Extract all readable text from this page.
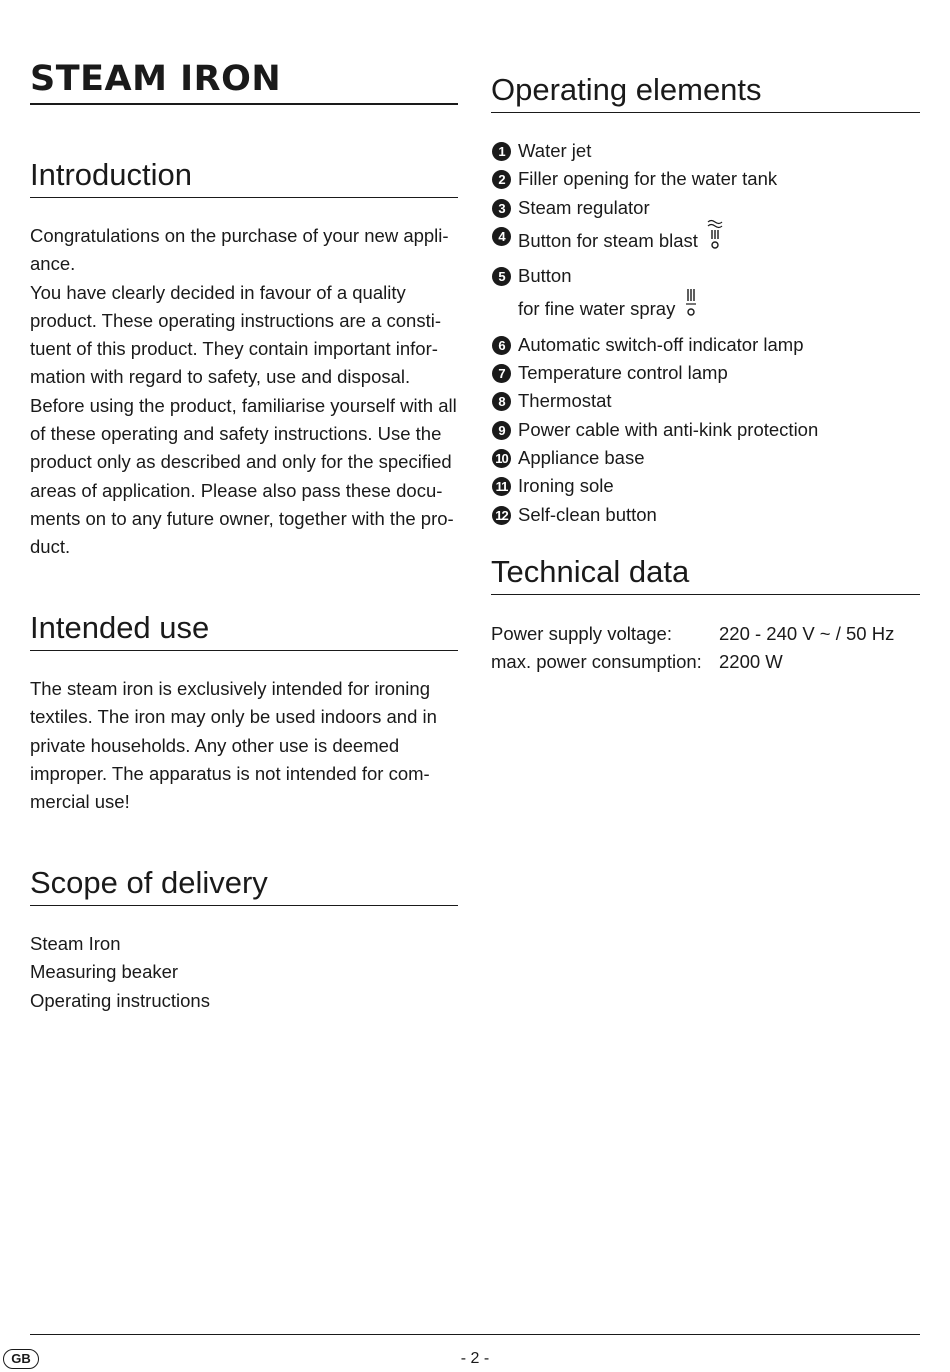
STEAM IRON
Introduction

Congratulations on the purchase of your new appli-

ance.

You have clearly decided in favour of a quality

product. These operating instructions are a consti-

tuent of this product. They contain important infor-

mation with regard to safety, use and disposal.

Before using the product, familiarise yourself with all

of these operating and safety instructions. Use the

product only as described and only for the specified

areas of application. Please also pass these docu-

ments on to any future owner, together with the pro-

duct.

Intended use

The steam iron is exclusively intended for ironing

textiles. The iron may only be used indoors and in

private households. Any other use is deemed

improper. The apparatus is not intended for com-

mercial use!

Scope of delivery
Steam Iron
Measuring beaker
Operating instructions
Operating elements
1 Water jet
2 Filler opening for the water tank
3 Steam regulator
4 Button for steam blast
5 Button
for fine water spray
6 Automatic switch-off indicator lamp
7 Temperature control lamp
8 Thermostat
9 Power cable with anti-kink protection
10 Appliance base
11 Ironing sole
12 Self-clean button
Technical data
Power supply voltage:	220 - 240 V ~ / 50 Hz
max. power consumption: 2200 W
GB	- 2 -
